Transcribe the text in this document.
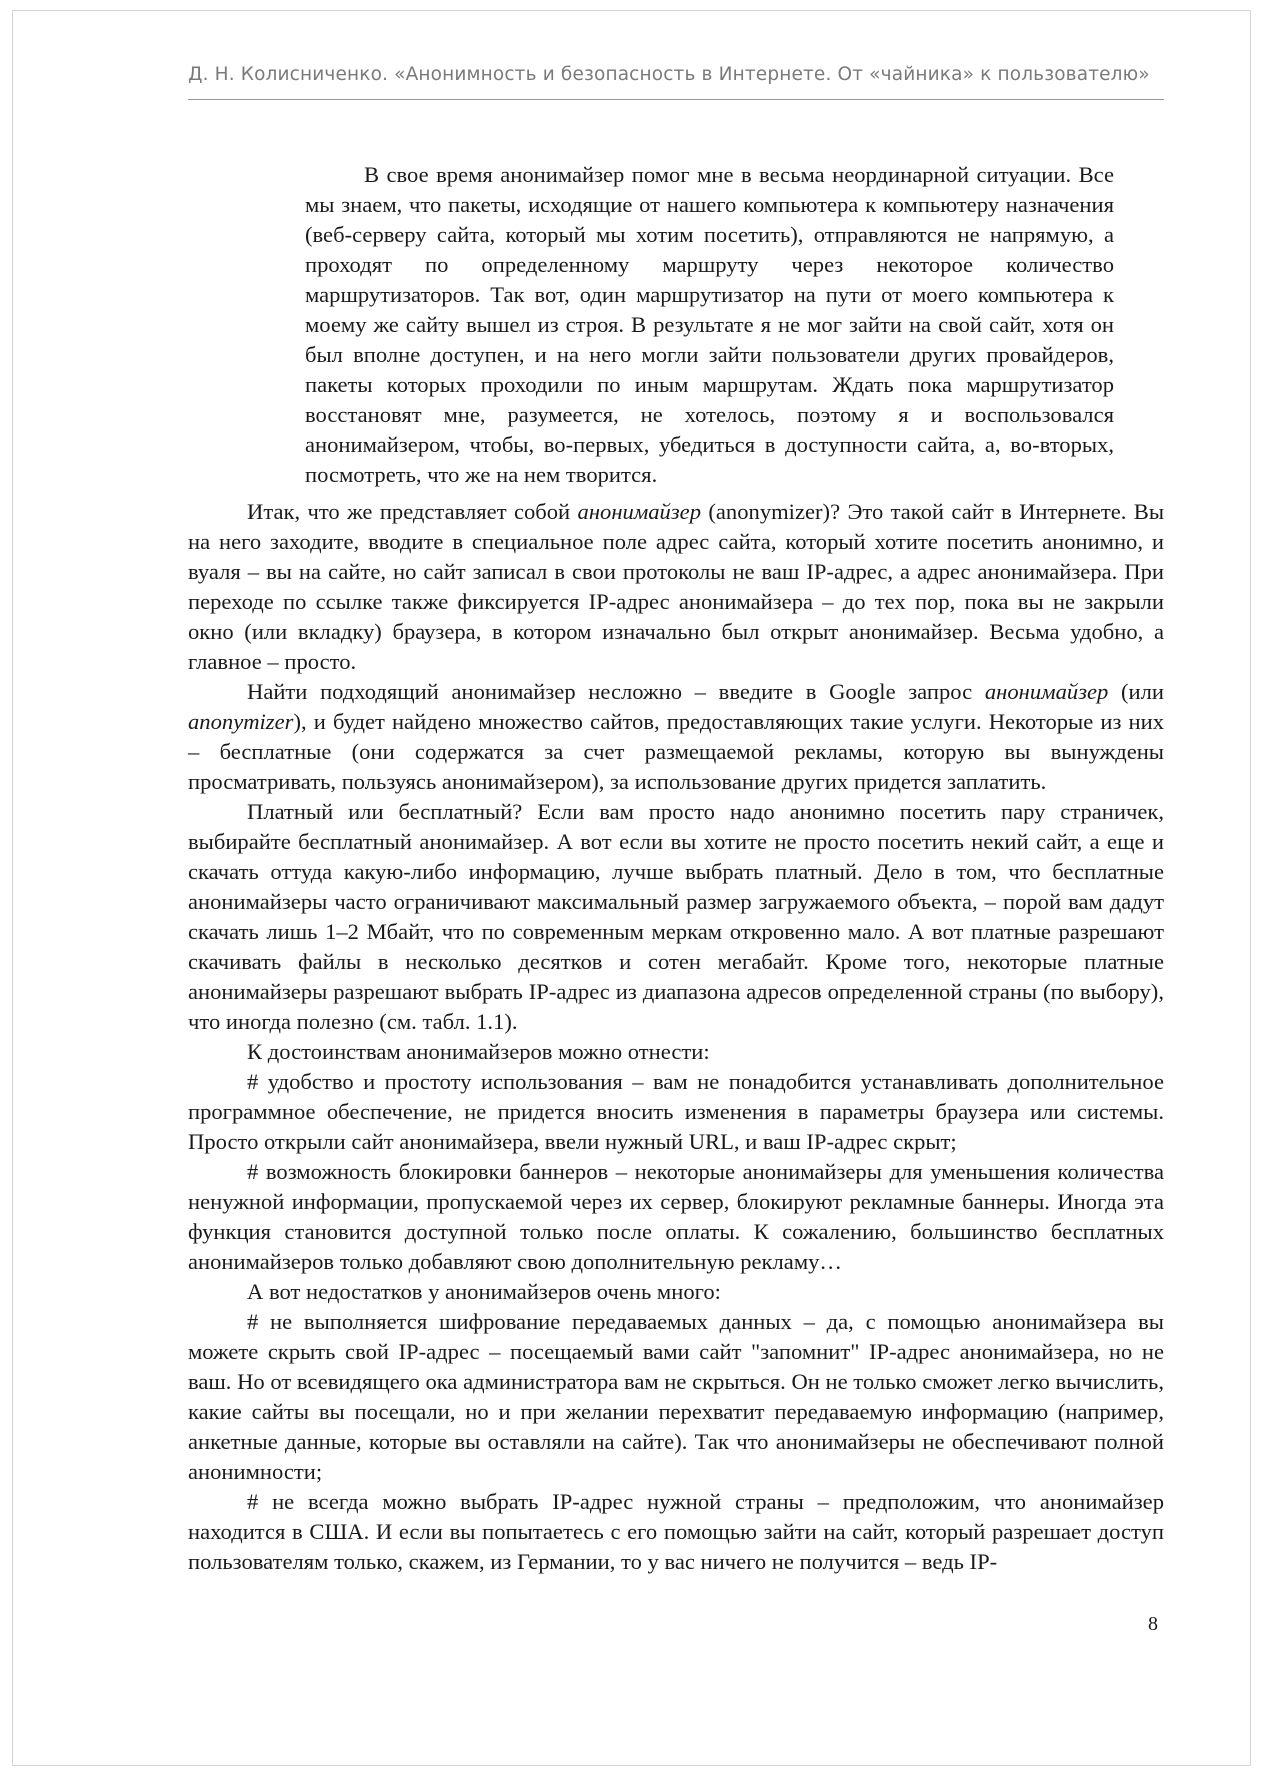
Д. Н. Колисниченко. «Анонимность и безопасность в Интернете. От «чайника» к пользователю»

В свое время анонимайзер помог мне в весьма неординарной ситуации. Все мы знаем, что пакеты, исходящие от нашего компьютера к компьютеру назначения (веб-серверу сайта, который мы хотим посетить), отправляются не напрямую, а проходят по определенному маршруту через некоторое количество маршрутизаторов. Так вот, один маршрутизатор на пути от моего компьютера к моему же сайту вышел из строя. В результате я не мог зайти на свой сайт, хотя он был вполне доступен, и на него могли зайти пользователи других провайдеров, пакеты которых проходили по иным маршрутам. Ждать пока маршрутизатор восстановят мне, разумеется, не хотелось, поэтому я и воспользовался анонимайзером, чтобы, во-первых, убедиться в доступности сайта, а, во-вторых, посмотреть, что же на нем творится.

Итак, что же представляет собой анонимайзер (anonymizer)? Это такой сайт в Интернете. Вы на него заходите, вводите в специальное поле адрес сайта, который хотите посетить анонимно, и вуаля – вы на сайте, но сайт записал в свои протоколы не ваш IP-адрес, а адрес анонимайзера. При переходе по ссылке также фиксируется IP-адрес анонимайзера – до тех пор, пока вы не закрыли окно (или вкладку) браузера, в котором изначально был открыт анонимайзер. Весьма удобно, а главное – просто.

Найти подходящий анонимайзер несложно – введите в Google запрос анонимайзер (или anonymizer), и будет найдено множество сайтов, предоставляющих такие услуги. Некоторые из них – бесплатные (они содержатся за счет размещаемой рекламы, которую вы вынуждены просматривать, пользуясь анонимайзером), за использование других придется заплатить.

Платный или бесплатный? Если вам просто надо анонимно посетить пару страничек, выбирайте бесплатный анонимайзер. А вот если вы хотите не просто посетить некий сайт, а еще и скачать оттуда какую-либо информацию, лучше выбрать платный. Дело в том, что бесплатные анонимайзеры часто ограничивают максимальный размер загружаемого объекта, – порой вам дадут скачать лишь 1–2 Мбайт, что по современным меркам откровенно мало. А вот платные разрешают скачивать файлы в несколько десятков и сотен мегабайт. Кроме того, некоторые платные анонимайзеры разрешают выбрать IP-адрес из диапазона адресов определенной страны (по выбору), что иногда полезно (см. табл. 1.1).

К достоинствам анонимайзеров можно отнести:

# удобство и простоту использования – вам не понадобится устанавливать дополнительное программное обеспечение, не придется вносить изменения в параметры браузера или системы. Просто открыли сайт анонимайзера, ввели нужный URL, и ваш IP-адрес скрыт;

# возможность блокировки баннеров – некоторые анонимайзеры для уменьшения количества ненужной информации, пропускаемой через их сервер, блокируют рекламные баннеры. Иногда эта функция становится доступной только после оплаты. К сожалению, большинство бесплатных анонимайзеров только добавляют свою дополнительную рекламу…

А вот недостатков у анонимайзеров очень много:

# не выполняется шифрование передаваемых данных – да, с помощью анонимайзера вы можете скрыть свой IP-адрес – посещаемый вами сайт "запомнит" IP-адрес анонимайзера, но не ваш. Но от всевидящего ока администратора вам не скрыться. Он не только сможет легко вычислить, какие сайты вы посещали, но и при желании перехватит передаваемую информацию (например, анкетные данные, которые вы оставляли на сайте). Так что анонимайзеры не обеспечивают полной анонимности;

# не всегда можно выбрать IP-адрес нужной страны – предположим, что анонимайзер находится в США. И если вы попытаетесь с его помощью зайти на сайт, который разрешает доступ пользователям только, скажем, из Германии, то у вас ничего не получится – ведь IP-

8
